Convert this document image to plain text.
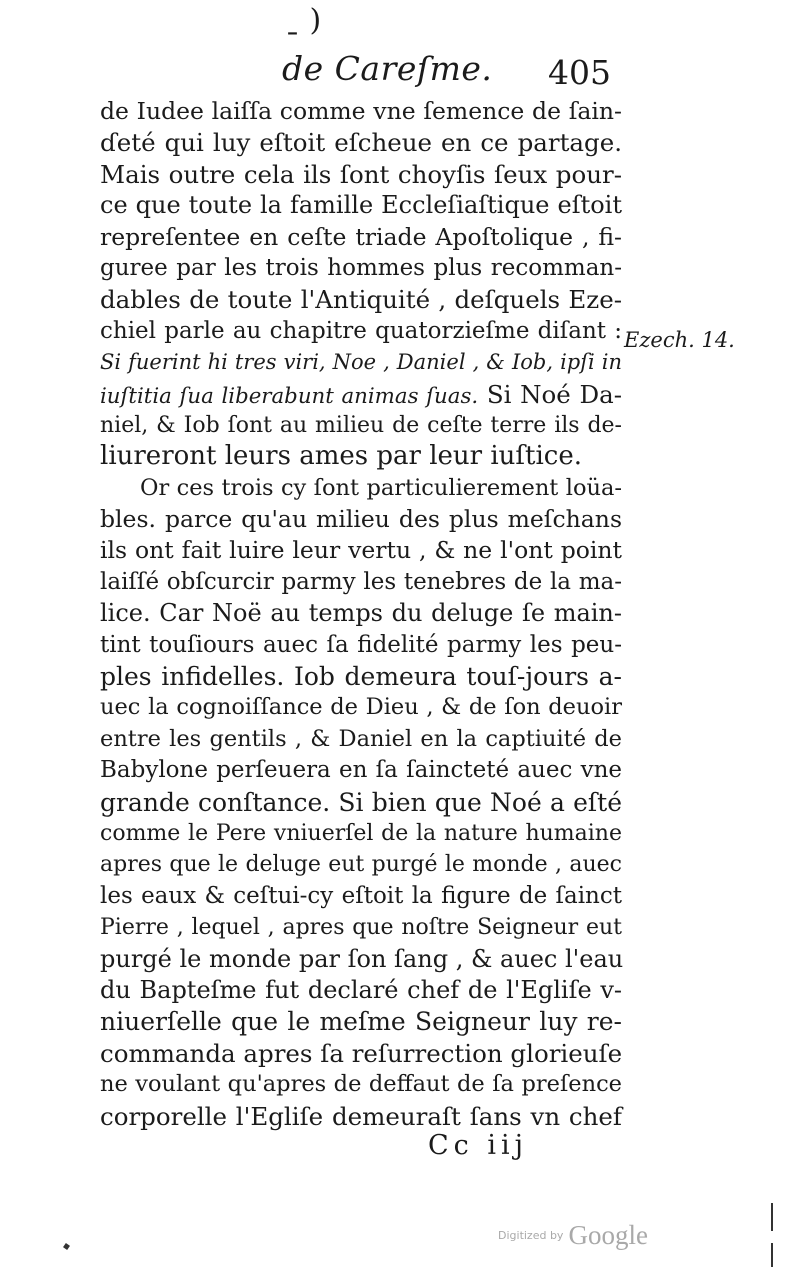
ˍ )
de Careſme. 405
de Iudee laiſſa comme vne ſemence de ſain-
ɗeté qui luy eſtoit eſcheue en ce partage.
Mais outre cela ils ſont choyſis ſeux pour-
ce que toute la famille Eccleſiaſtique eſtoit
repreſentee en ceſte triade Apoſtolique , fi-
guree par les trois hommes plus recomman-
dables de toute l'Antiquité , deſquels Eze-
chiel parle au chapitre quatorzieſme diſant :
Si fuerint hi tres viri, Noe , Daniel , & Iob, ipſi in
iuſtitia ſua liberabunt animas ſuas. Si Noé Da-
niel, & Iob ſont au milieu de ceſte terre ils de-
liureront leurs ames par leur iuſtice.
Or ces trois cy ſont particulierement loüa-
bles. parce qu'au milieu des plus meſchans
ils ont fait luire leur vertu , & ne l'ont point
laiſſé obſcurcir parmy les tenebres de la ma-
lice. Car Noë au temps du deluge ſe main-
tint touſiours auec ſa fidelité parmy les peu-
ples infidelles. Iob demeura touſ-jours a-
uec la cognoiſſance de Dieu , & de ſon deuoir
entre les gentils , & Daniel en la captiuité de
Babylone perſeuera en ſa ſaincteté auec vne
grande conſtance. Si bien que Noé a eſté
comme le Pere vniuerſel de la nature humaine
apres que le deluge eut purgé le monde , auec
les eaux & ceſtui-cy eſtoit la figure de ſainct
Pierre , lequel , apres que noſtre Seigneur eut
purgé le monde par ſon ſang , & auec l'eau
du Bapteſme fut declaré chef de l'Egliſe v-
niuerſelle que le meſme Seigneur luy re-
commanda apres ſa reſurrection glorieuſe
ne voulant qu'apres de deffaut de ſa preſence
corporelle l'Egliſe demeuraſt ſans vn chef
Ezech. 14.
Cc iij
Digitized by Google
